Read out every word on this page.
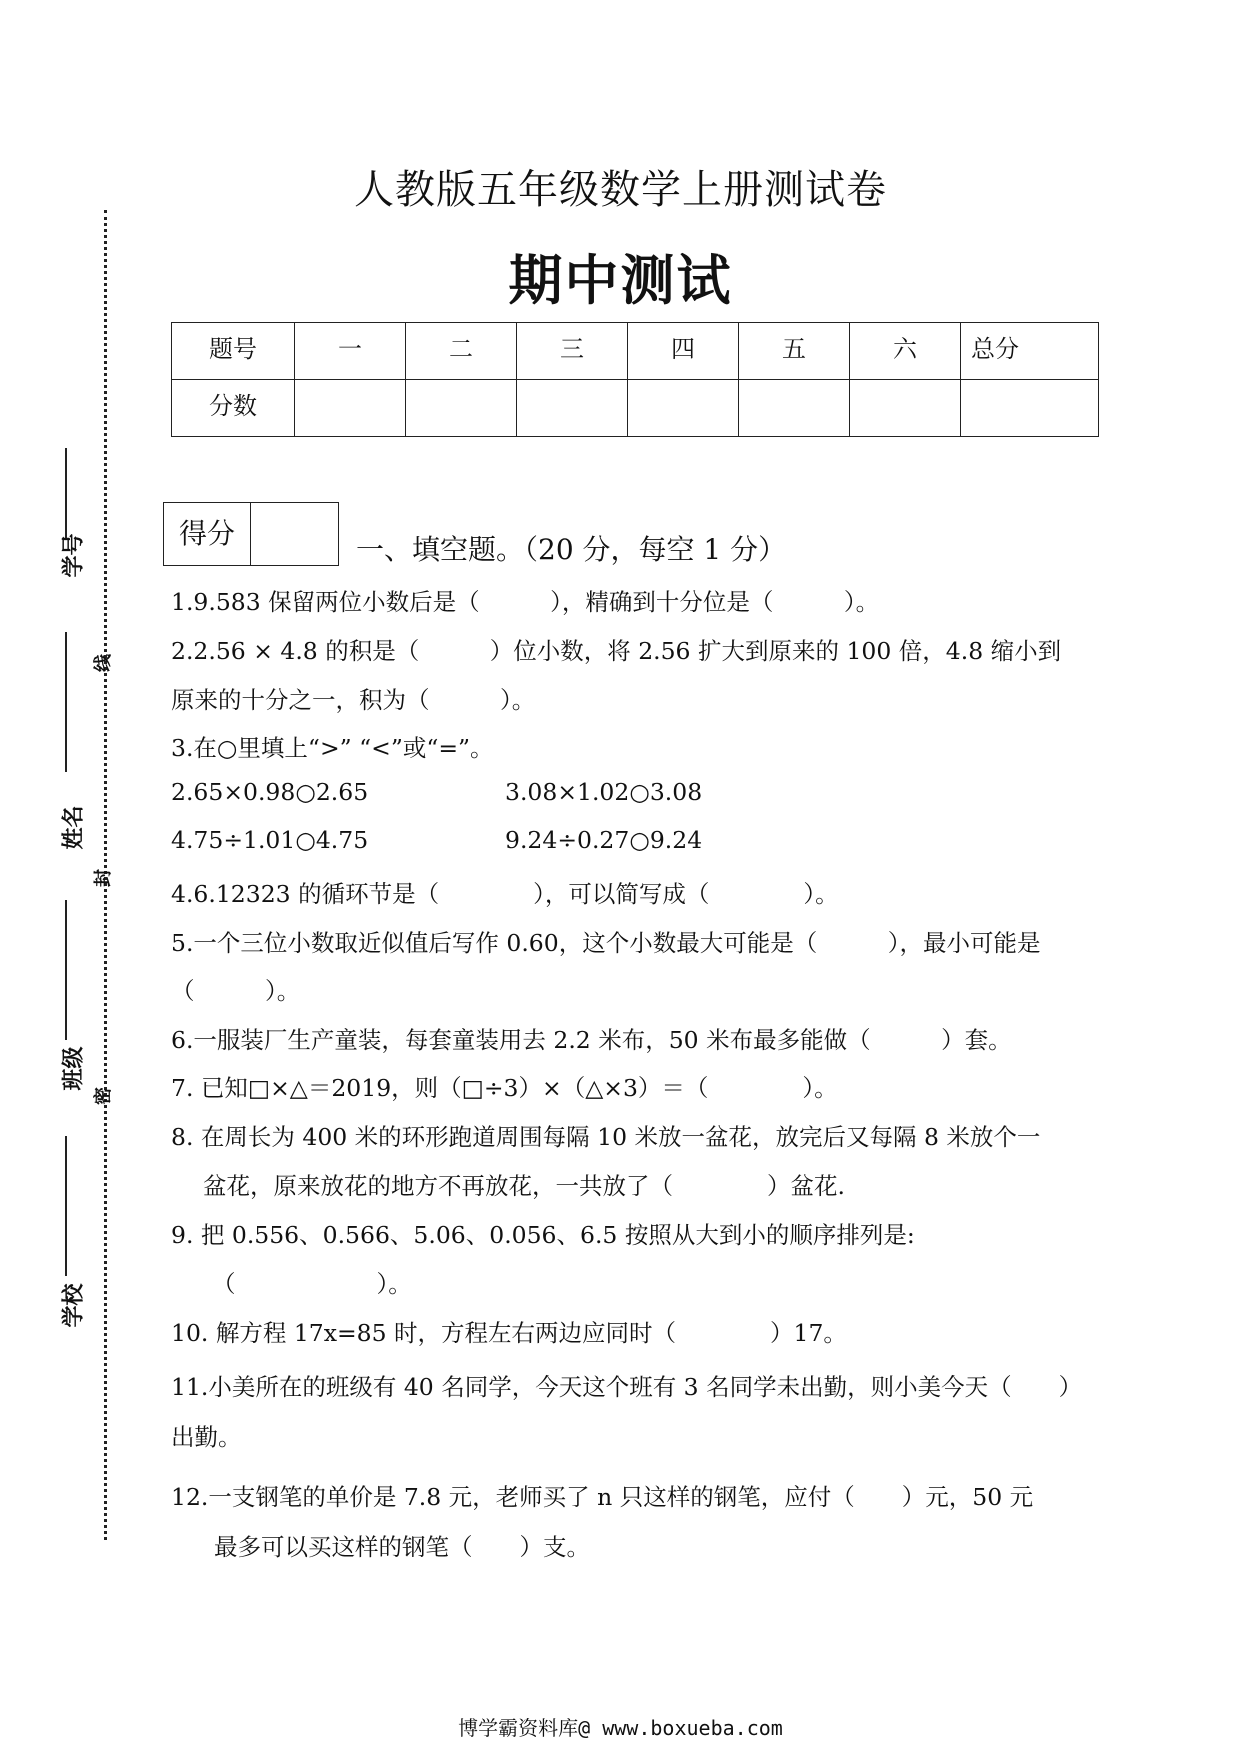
学号
姓名
班级
学校
线
封
密
人教版五年级数学上册测试卷
期中测试
题号	一	二	三	四	五	六	总分
分数							
得分	一、填空题。（20 分，每空 1 分）
1.9.583 保留两位小数后是（　　　），精确到十分位是（　　　）。
2.2.56 × 4.8 的积是（　　　）位小数，将 2.56 扩大到原来的 100 倍，4.8 缩小到
原来的十分之一，积为（　　　）。
3.在○里填上“>” “<”或“=”。
2.65×0.98○2.65	3.08×1.02○3.08
4.75÷1.01○4.75	9.24÷0.27○9.24
4.6.12323 的循环节是（　　　　），可以简写成（　　　　）。
5.一个三位小数取近似值后写作 0.60，这个小数最大可能是（　　　），最小可能是
（　　　）。
6.一服装厂生产童装，每套童装用去 2.2 米布，50 米布最多能做（　　　）套。
7. 已知□×△＝2019，则（□÷3）×（△×3）＝（　　　　）。
8. 在周长为 400 米的环形跑道周围每隔 10 米放一盆花，放完后又每隔 8 米放个一
盆花，原来放花的地方不再放花，一共放了（　　　　）盆花.
9. 把 0.556、0.566、5.06、0.056、6.5 按照从大到小的顺序排列是:
（　　　　　　）。
10. 解方程 17x=85 时，方程左右两边应同时（　　　　）17。
11.小美所在的班级有 40 名同学，今天这个班有 3 名同学未出勤，则小美今天（　　）
出勤。
12.一支钢笔的单价是 7.8 元，老师买了 n 只这样的钢笔，应付（　　）元，50 元
最多可以买这样的钢笔（　　）支。
博学霸资料库@ www.boxueba.com
